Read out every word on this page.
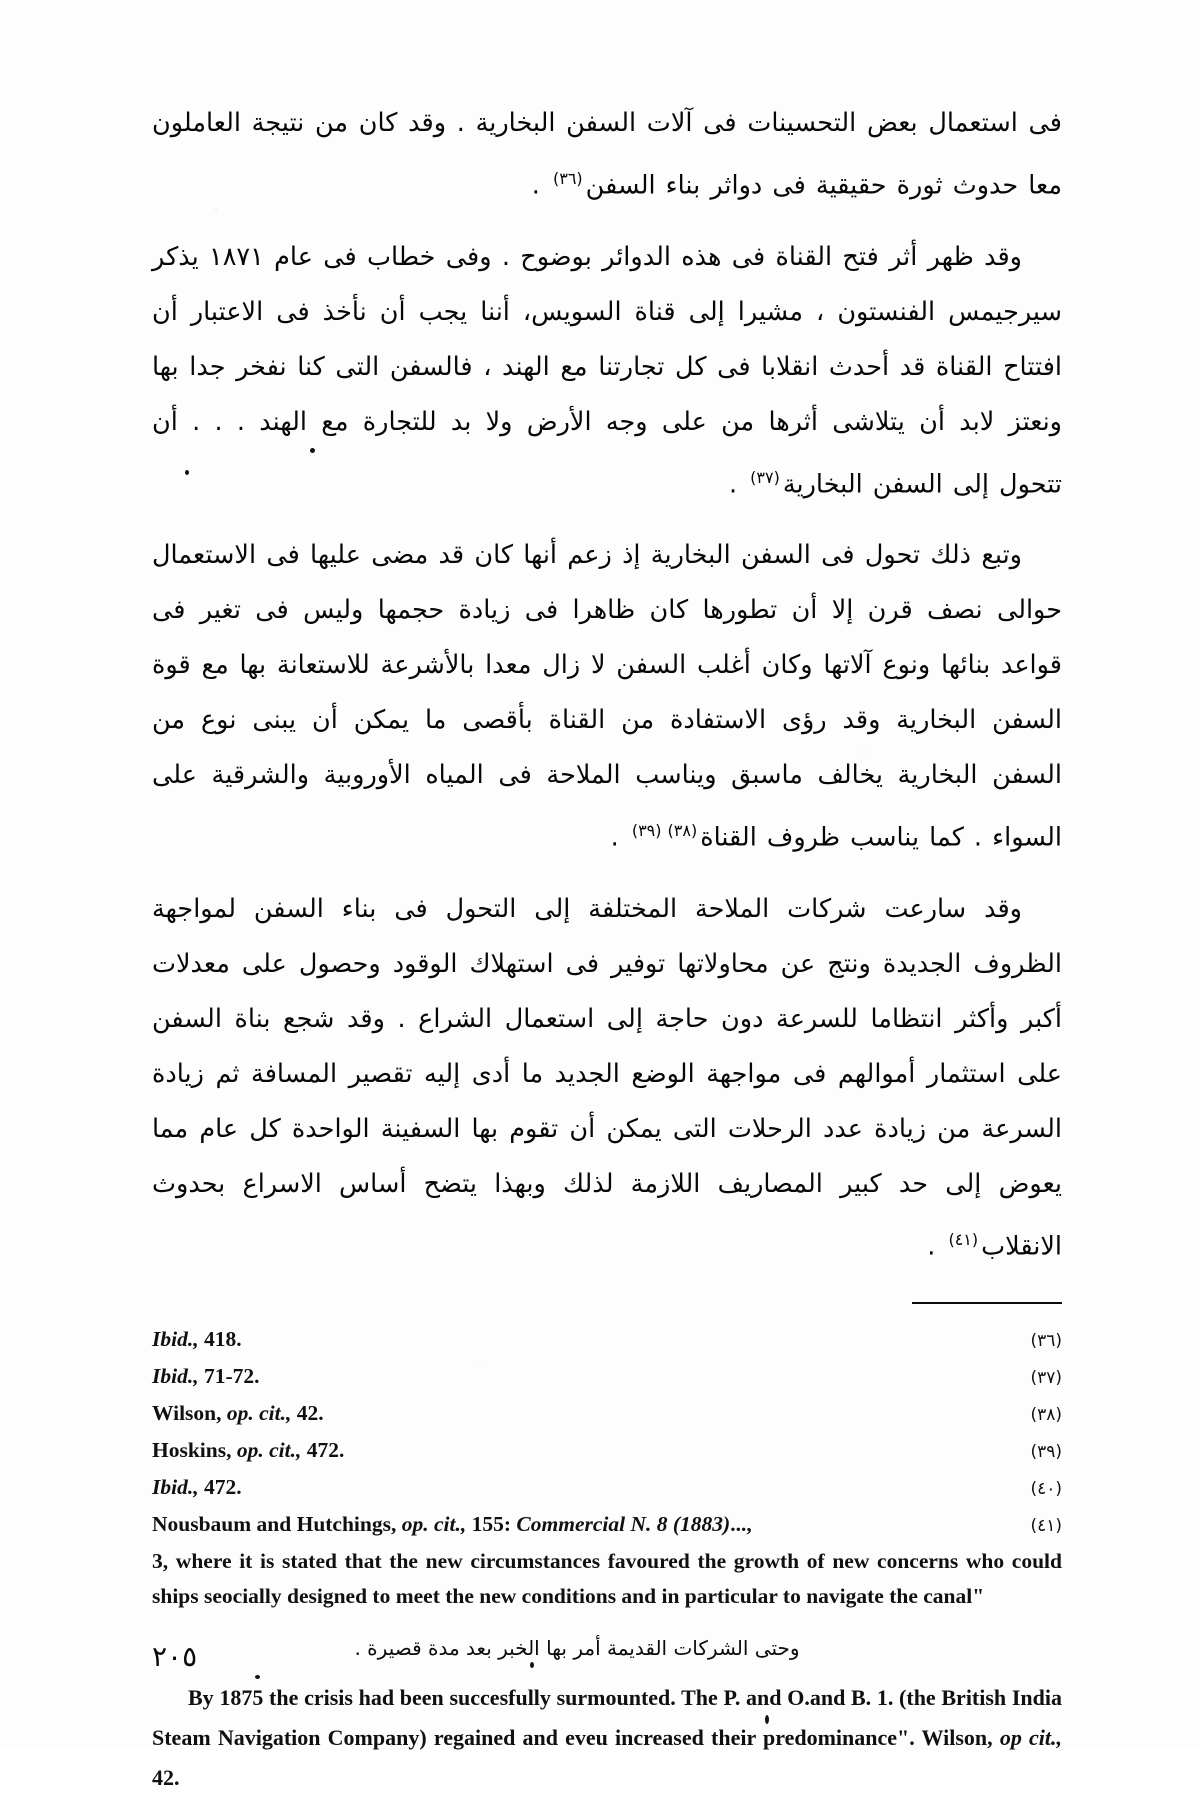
فى استعمال بعض التحسينات فى آلات السفن البخارية . وقد كان من نتيجة العاملون معا حدوث ثورة حقيقية فى دواثر بناء السفن$^{(٣٦)}$ .

وقد ظهر أثر فتح القناة فى هذه الدوائر بوضوح . وفى خطاب فى عام ١٨٧١ يذكر سيرجيمس الفنستون ، مشيرا إلى قناة السويس، أننا يجب أن نأخذ فى الاعتبار أن افتتاح القناة قد أحدث انقلابا فى كل تجارتنا مع الهند ، فالسفن التى كنا نفخر جدا بها ونعتز لابد أن يتلاشى أثرها من على وجه الأرض ولا بد للتجارة مع الهند . . . أن تتحول إلى السفن البخارية$^{(٣٧)}$ .

وتبع ذلك تحول فى السفن البخارية إذ زعم أنها كان قد مضى عليها فى الاستعمال حوالى نصف قرن إلا أن تطورها كان ظاهرا فى زيادة حجمها وليس فى تغير فى قواعد بنائها ونوع آلاتها وكان أغلب السفن لا زال معدا بالأشرعة للاستعانة بها مع قوة السفن البخارية وقد رؤى الاستفادة من القناة بأقصى ما يمكن أن يبنى نوع من السفن البخارية يخالف ماسبق ويناسب الملاحة فى المياه الأوروبية والشرقية على السواء . كما يناسب ظروف القناة$^{(٣٨)(٣٩)}$ .

وقد سارعت شركات الملاحة المختلفة إلى التحول فى بناء السفن لمواجهة الظروف الجديدة ونتج عن محاولاتها توفير فى استهلاك الوقود وحصول على معدلات أكبر وأكثر انتظاما للسرعة دون حاجة إلى استعمال الشراع . وقد شجع بناة السفن على استثمار أموالهم فى مواجهة الوضع الجديد ما أدى إليه تقصير المسافة ثم زيادة السرعة من زيادة عدد الرحلات التى يمكن أن تقوم بها السفينة الواحدة كل عام مما يعوض إلى حد كبير المصاريف اللازمة لذلك وبهذا يتضح أساس الاسراع بحدوث الانقلاب$^{(٤١)}$ .

Ibid., 418.	(٣٦)
Ibid., 71-72.	(٣٧)
Wilson, op. cit., 42.	(٣٨)
Hoskins, op. cit., 472.	(٣٩)
Ibid., 472.	(٤٠)
Nousbaum and Hutchings, op. cit., 155: Commercial N. 8 (1883)...,	(٤١)
3, where it is stated that the new circumstances favoured the growth of new concerns who could ships seocially designed to meet the new conditions and in particular to navigate the canal"
وحتى الشركات القديمة أمر بها الخبر بعد مدة قصيرة .
By 1875 the crisis had been succesfully surmounted. The P. and O.and B. 1. (the British India Steam Navigation Company) regained and eveu increased their predominance". Wilson, op cit., 42.
٢٠٥
